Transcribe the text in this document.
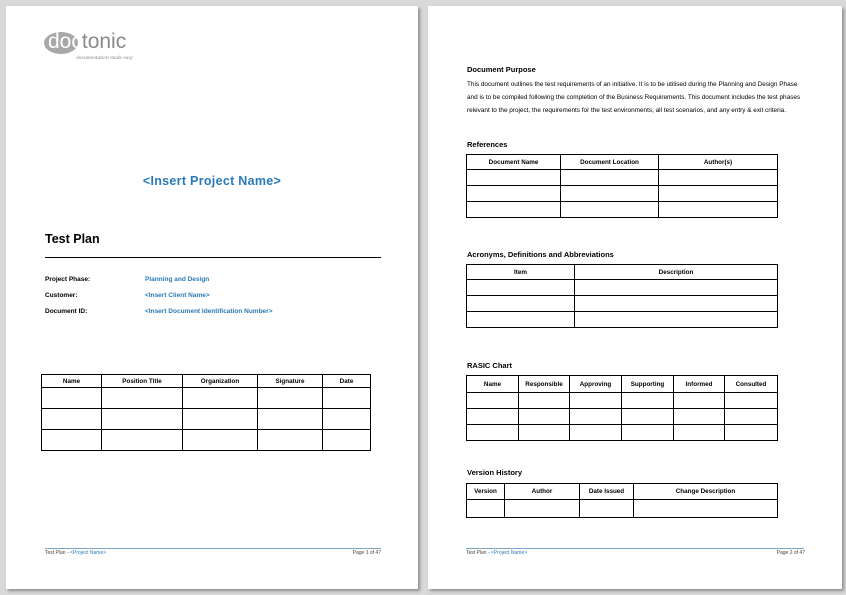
doctonic
documentation made easy
<Insert Project Name>
Test Plan
Project Phase:	Planning and Design
Customer:	<Insert Client Name>
Document ID:	<Insert Document Identification Number>
Name	Position Title	Organization	Signature	Date

Test Plan - <Project Name>	Page 1 of 47
Document Purpose
This document outlines the test requirements of an initiative. It is to be utilised during the Planning and Design Phase and is to be compiled following the completion of the Business Requirements. This document includes the test phases relevant to the project, the requirements for the test environments, all test scenarios, and any entry & exit criteria.
References
Document Name	Document Location	Author(s)

Acronyms, Definitions and Abbreviations
Item	Description

RASIC Chart
Name	Responsible	Approving	Supporting	Informed	Consulted

Version History
Version	Author	Date Issued	Change Description

Test Plan - <Project Name>	Page 2 of 47
